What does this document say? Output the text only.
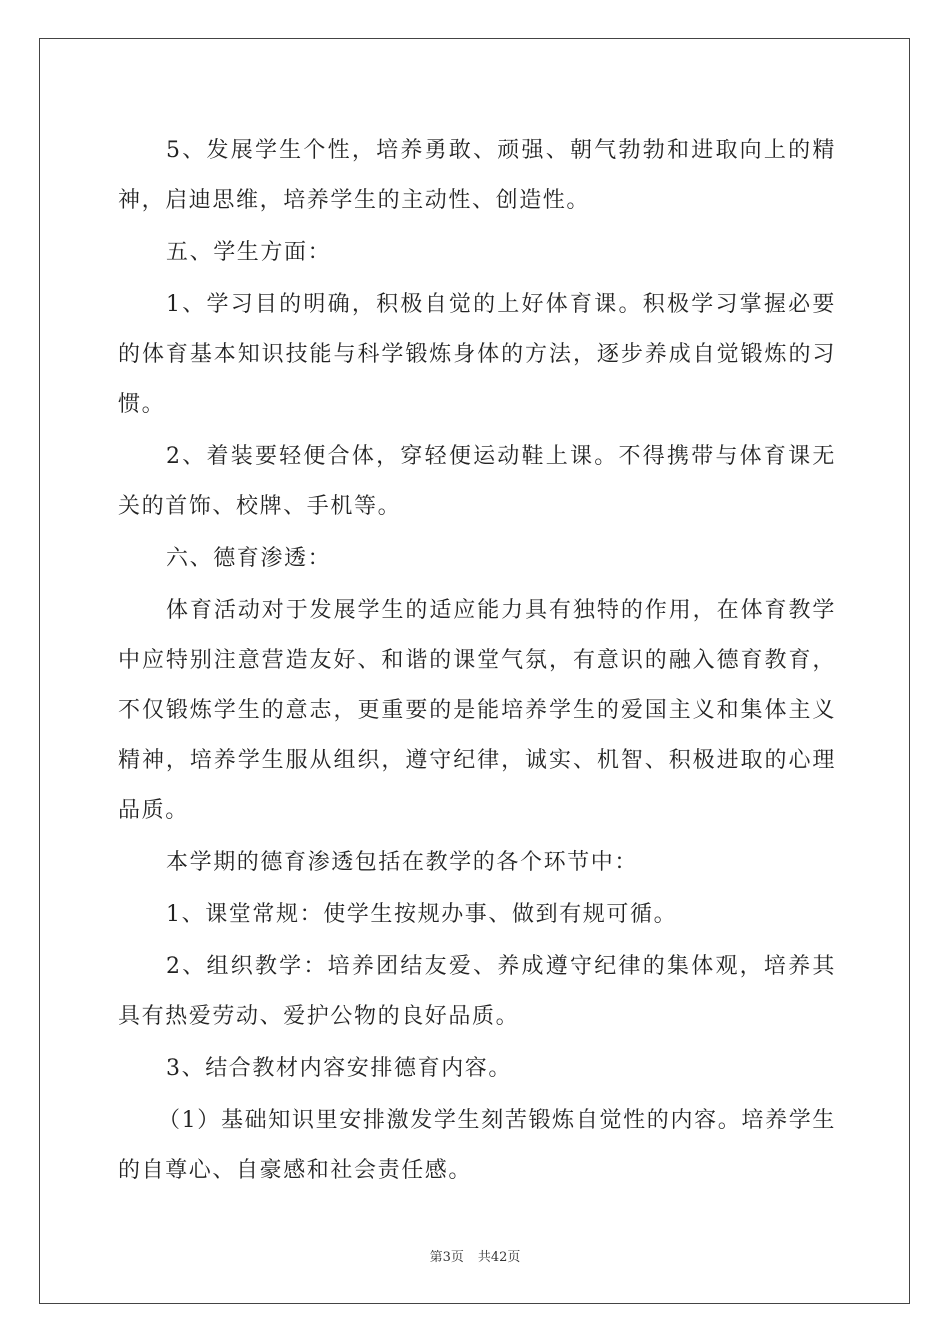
5、发展学生个性，培养勇敢、顽强、朝气勃勃和进取向上的精神，启迪思维，培养学生的主动性、创造性。

五、学生方面：

1、学习目的明确，积极自觉的上好体育课。积极学习掌握必要的体育基本知识技能与科学锻炼身体的方法，逐步养成自觉锻炼的习惯。

2、着装要轻便合体，穿轻便运动鞋上课。不得携带与体育课无关的首饰、校牌、手机等。

六、德育渗透：

体育活动对于发展学生的适应能力具有独特的作用，在体育教学中应特别注意营造友好、和谐的课堂气氛，有意识的融入德育教育，不仅锻炼学生的意志，更重要的是能培养学生的爱国主义和集体主义精神，培养学生服从组织，遵守纪律，诚实、机智、积极进取的心理品质。

本学期的德育渗透包括在教学的各个环节中：

1、课堂常规：使学生按规办事、做到有规可循。

2、组织教学：培养团结友爱、养成遵守纪律的集体观，培养其具有热爱劳动、爱护公物的良好品质。

3、结合教材内容安排德育内容。

（1）基础知识里安排激发学生刻苦锻炼自觉性的内容。培养学生的自尊心、自豪感和社会责任感。

第3页 共42页
